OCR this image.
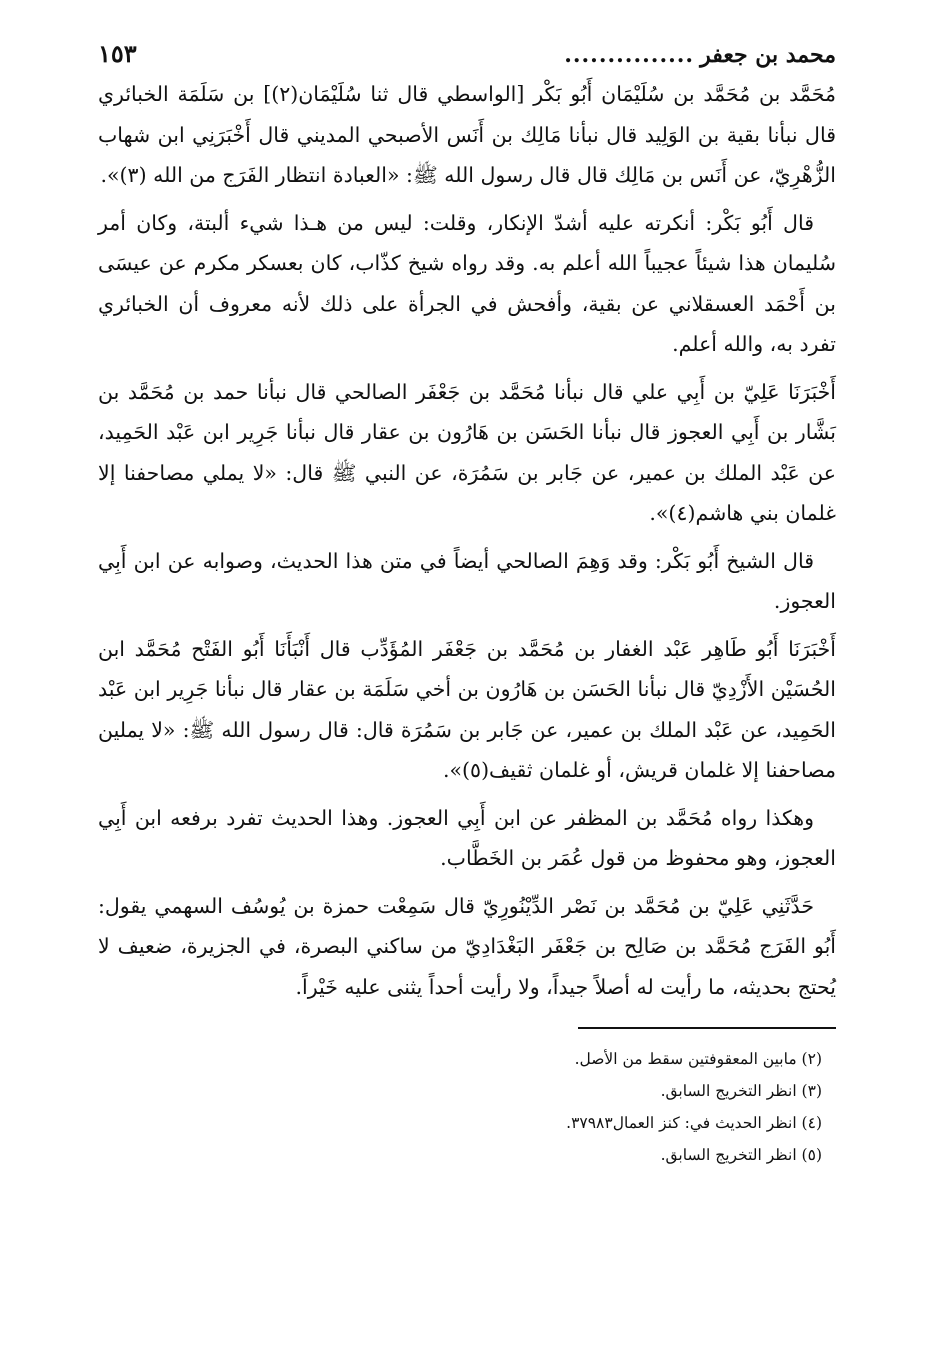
محمد بن جعفر
...............
١٥٣

مُحَمَّد بن مُحَمَّد بن سُلَيْمَان أَبُو بَكْر [الواسطي قال ثنا سُلَيْمَان(٢)] بن سَلَمَة الخبائري قال نبأنا بقية بن الوَلِيد قال نبأنا مَالِك بن أَنَس الأصبحي المديني قال أَخْبَرَنِي ابن شهاب الزُّهْرِيّ، عن أَنَس بن مَالِك قال قال رسول الله ﷺ: «العبادة انتظار الفَرَج من الله (٣)».

قال أَبُو بَكْر: أنكرته عليه أشدّ الإنكار، وقلت: ليس من هـذا شيء ألبتة، وكان أمر سُليمان هذا شيئاً عجيباً الله أعلم به. وقد رواه شيخ كذّاب، كان بعسكر مكرم عن عيسَى بن أَحْمَد العسقلاني عن بقية، وأفحش في الجرأة على ذلك لأنه معروف أن الخبائري تفرد به، والله أعلم.

أَخْبَرَنَا عَلِيّ بن أَبِي علي قال نبأنا مُحَمَّد بن جَعْفَر الصالحي قال نبأنا حمد بن مُحَمَّد بن بَشَّار بن أَبِي العجوز قال نبأنا الحَسَن بن هَارُون بن عقار قال نبأنا جَرِير ابن عَبْد الحَمِيد، عن عَبْد الملك بن عمير، عن جَابر بن سَمُرَة، عن النبي ﷺ قال: «لا يملي مصاحفنا إلا غلمان بني هاشم(٤)».

قال الشيخ أَبُو بَكْر: وقد وَهِمَ الصالحي أيضاً في متن هذا الحديث، وصوابه عن ابن أَبِي العجوز.

أَخْبَرَنَا أَبُو طَاهِر عَبْد الغفار بن مُحَمَّد بن جَعْفَر المُؤَدِّب قال أَنْبَأَنَا أَبُو الفَتْح مُحَمَّد ابن الحُسَيْن الأَزْدِيّ قال نبأنا الحَسَن بن هَارُون بن أخي سَلَمَة بن عقار قال نبأنا جَرِير ابن عَبْد الحَمِيد، عن عَبْد الملك بن عمير، عن جَابر بن سَمُرَة قال: قال رسول الله ﷺ: «لا يملين مصاحفنا إلا غلمان قريش، أو غلمان ثقيف(٥)».

وهكذا رواه مُحَمَّد بن المظفر عن ابن أَبِي العجوز. وهذا الحديث تفرد برفعه ابن أَبِي العجوز، وهو محفوظ من قول عُمَر بن الخَطَّاب.

حَدَّثَنِي عَلِيّ بن مُحَمَّد بن نَصْر الدِّيْنُورِيّ قال سَمِعْت حمزة بن يُوسُف السهمي يقول: أَبُو الفَرَج مُحَمَّد بن صَالِح بن جَعْفَر البَغْدَادِيّ من ساكني البصرة، في الجزيرة، ضعيف لا يُحتج بحديثه، ما رأيت له أصلاً جيداً، ولا رأيت أحداً يثنى عليه خَيْراً.

(٢) مابين المعقوفتين سقط من الأصل.
(٣) انظر التخريج السابق.
(٤) انظر الحديث في: كنز العمال٣٧٩٨٣.
(٥) انظر التخريج السابق.
